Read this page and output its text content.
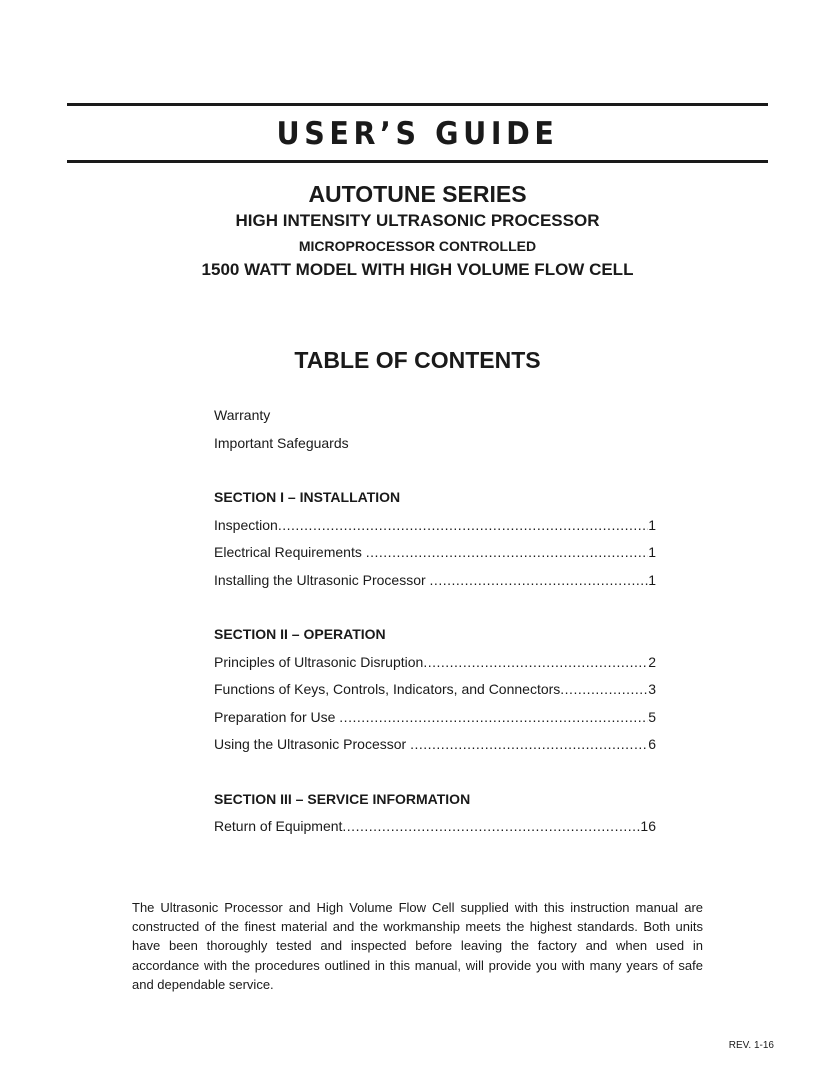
USER’S GUIDE
AUTOTUNE SERIES
HIGH INTENSITY ULTRASONIC PROCESSOR
MICROPROCESSOR CONTROLLED
1500 WATT MODEL WITH HIGH VOLUME FLOW CELL
TABLE OF CONTENTS
Warranty
Important Safeguards
SECTION I – INSTALLATION
Inspection .....	1
Electrical Requirements .....	1
Installing the Ultrasonic Processor .....	1
SECTION II – OPERATION
Principles of Ultrasonic Disruption .....	2
Functions of Keys, Controls, Indicators, and Connectors .....	3
Preparation for Use .....	5
Using the Ultrasonic Processor .....	6
SECTION III – SERVICE INFORMATION
Return of Equipment .....	16
The Ultrasonic Processor and High Volume Flow Cell supplied with this instruction manual are constructed of the finest material and the workmanship meets the highest standards. Both units have been thoroughly tested and inspected before leaving the factory and when used in accordance with the procedures outlined in this manual, will provide you with many years of safe and dependable service.
REV. 1-16
